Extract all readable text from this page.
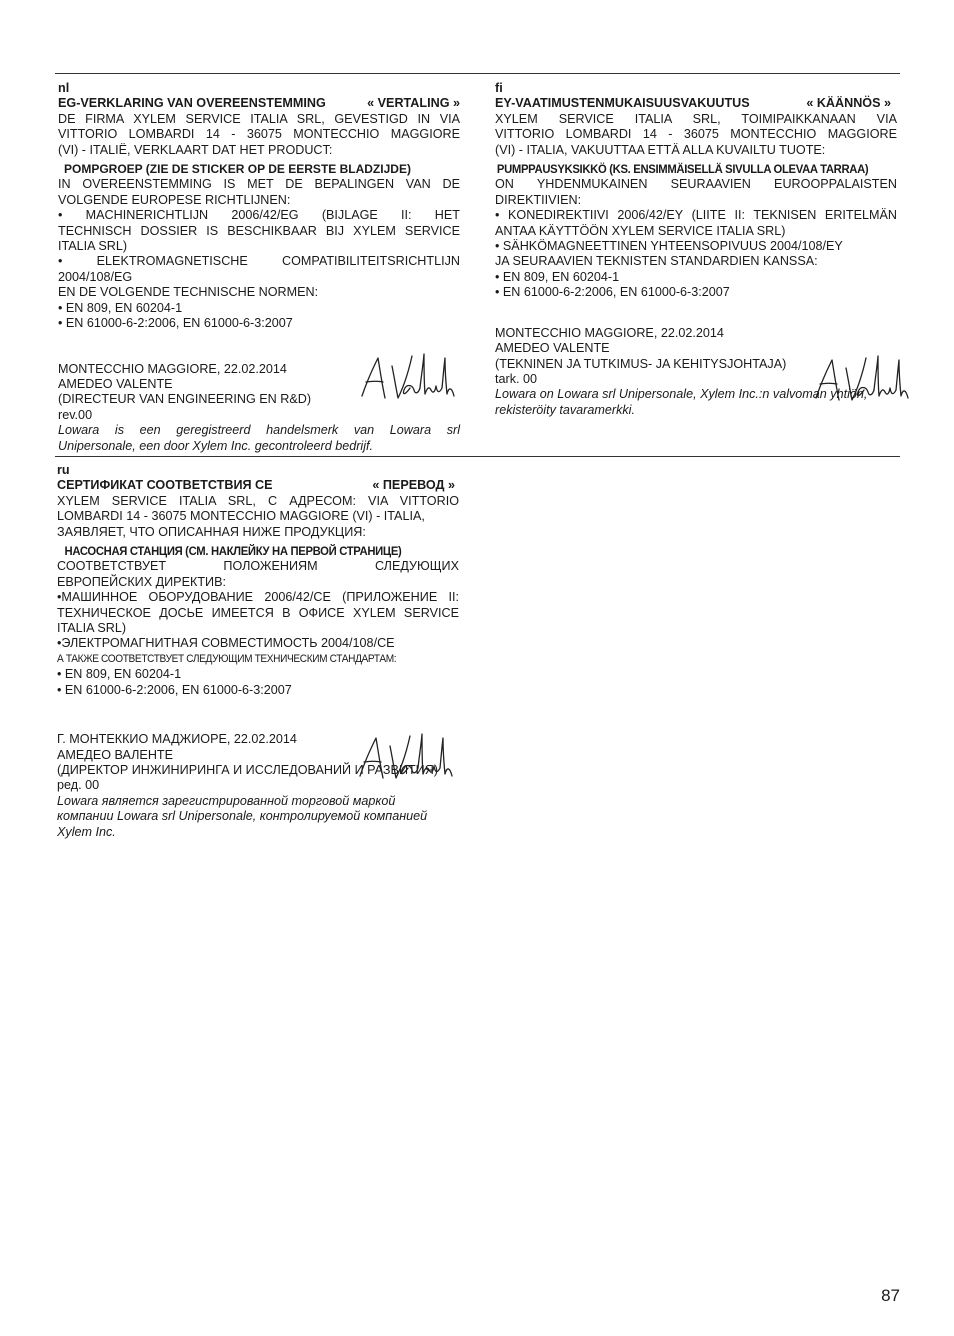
nl

EG-VERKLARING VAN OVEREENSTEMMING	« VERTALING »

DE FIRMA XYLEM SERVICE ITALIA SRL, GEVESTIGD IN VIA

VITTORIO LOMBARDI 14 - 36075 MONTECCHIO MAGGIORE

(VI) - ITALIË, VERKLAART DAT HET PRODUCT:

POMPGROEP (ZIE DE STICKER OP DE EERSTE BLADZIJDE)

IN OVEREENSTEMMING IS MET DE BEPALINGEN VAN DE

VOLGENDE EUROPESE RICHTLIJNEN:

• MACHINERICHTLIJN 2006/42/EG (BIJLAGE II: HET

TECHNISCH DOSSIER IS BESCHIKBAAR BIJ XYLEM SERVICE

ITALIA SRL)

• ELEKTROMAGNETISCHE COMPATIBILITEITSRICHTLIJN

2004/108/EG

EN DE VOLGENDE TECHNISCHE NORMEN:

• EN 809, EN 60204-1

• EN 61000-6-2:2006, EN 61000-6-3:2007

MONTECCHIO MAGGIORE, 22.02.2014

AMEDEO VALENTE

(DIRECTEUR VAN ENGINEERING EN R&D)

rev.00

Lowara is een geregistreerd handelsmerk van Lowara srl

Unipersonale, een door Xylem Inc. gecontroleerd bedrijf.

fi

EY-VAATIMUSTENMUKAISUUSVAKUUTUS	« KÄÄNNÖS »

XYLEM SERVICE ITALIA SRL, TOIMIPAIKKANAAN VIA

VITTORIO LOMBARDI 14 - 36075 MONTECCHIO MAGGIORE

(VI) - ITALIA, VAKUUTTAA ETTÄ ALLA KUVAILTU TUOTE:

PUMPPAUSYKSIKKÖ (KS. ENSIMMÄISELLÄ SIVULLA OLEVAA TARRAA)

ON YHDENMUKAINEN SEURAAVIEN EUROOPPALAISTEN

DIREKTIIVIEN:

• KONEDIREKTIIVI 2006/42/EY (LIITE II: TEKNISEN ERITELMÄN

ANTAA KÄYTTÖÖN XYLEM SERVICE ITALIA SRL)

• SÄHKÖMAGNEETTINEN YHTEENSOPIVUUS 2004/108/EY

JA SEURAAVIEN TEKNISTEN STANDARDIEN KANSSA:

• EN 809, EN 60204-1

• EN 61000-6-2:2006, EN 61000-6-3:2007

MONTECCHIO MAGGIORE, 22.02.2014

AMEDEO VALENTE

(TEKNINEN JA TUTKIMUS- JA KEHITYSJOHTAJA)

tark. 00

Lowara on Lowara srl Unipersonale, Xylem Inc.:n valvoman yhtiön,

rekisteröity tavaramerkki.

ru

СЕРТИФИКАТ СООТВЕТСТВИЯ СЕ	« ПЕРЕВОД »

XYLEM SERVICE ITALIA SRL, С АДРЕСОМ: VIA VITTORIO

LOMBARDI 14 - 36075 MONTECCHIO MAGGIORE (VI) - ITALIA,

ЗАЯВЛЯЕТ, ЧТО ОПИСАННАЯ НИЖЕ ПРОДУКЦИЯ:

НАСОСНАЯ СТАНЦИЯ (СМ. НАКЛЕЙКУ НА ПЕРВОЙ СТРАНИЦЕ)

СООТВЕТСТВУЕТ ПОЛОЖЕНИЯМ СЛЕДУЮЩИХ

ЕВРОПЕЙСКИХ ДИРЕКТИВ:

•МАШИННОЕ ОБОРУДОВАНИЕ 2006/42/CE (ПРИЛОЖЕНИЕ II:

ТЕХНИЧЕСКОЕ ДОСЬЕ ИМЕЕТСЯ В ОФИСЕ XYLEM SERVICE

ITALIA SRL)

•ЭЛЕКТРОМАГНИТНАЯ СОВМЕСТИМОСТЬ 2004/108/CE

А ТАКЖЕ СООТВЕТСТВУЕТ СЛЕДУЮЩИМ ТЕХНИЧЕСКИМ СТАНДАРТАМ:

• EN 809, EN 60204-1

• EN 61000-6-2:2006, EN 61000-6-3:2007

Г. МОНТЕККИО МАДЖИОРЕ, 22.02.2014

АМЕДЕО ВАЛЕНТЕ

(ДИРЕКТОР ИНЖИНИРИНГА И ИССЛЕДОВАНИЙ И РАЗВИТИЯ)

ред. 00

Lowara является зарегистрированной торговой маркой

компании Lowara srl Unipersonale, контролируемой компанией

Xylem Inc.

87
